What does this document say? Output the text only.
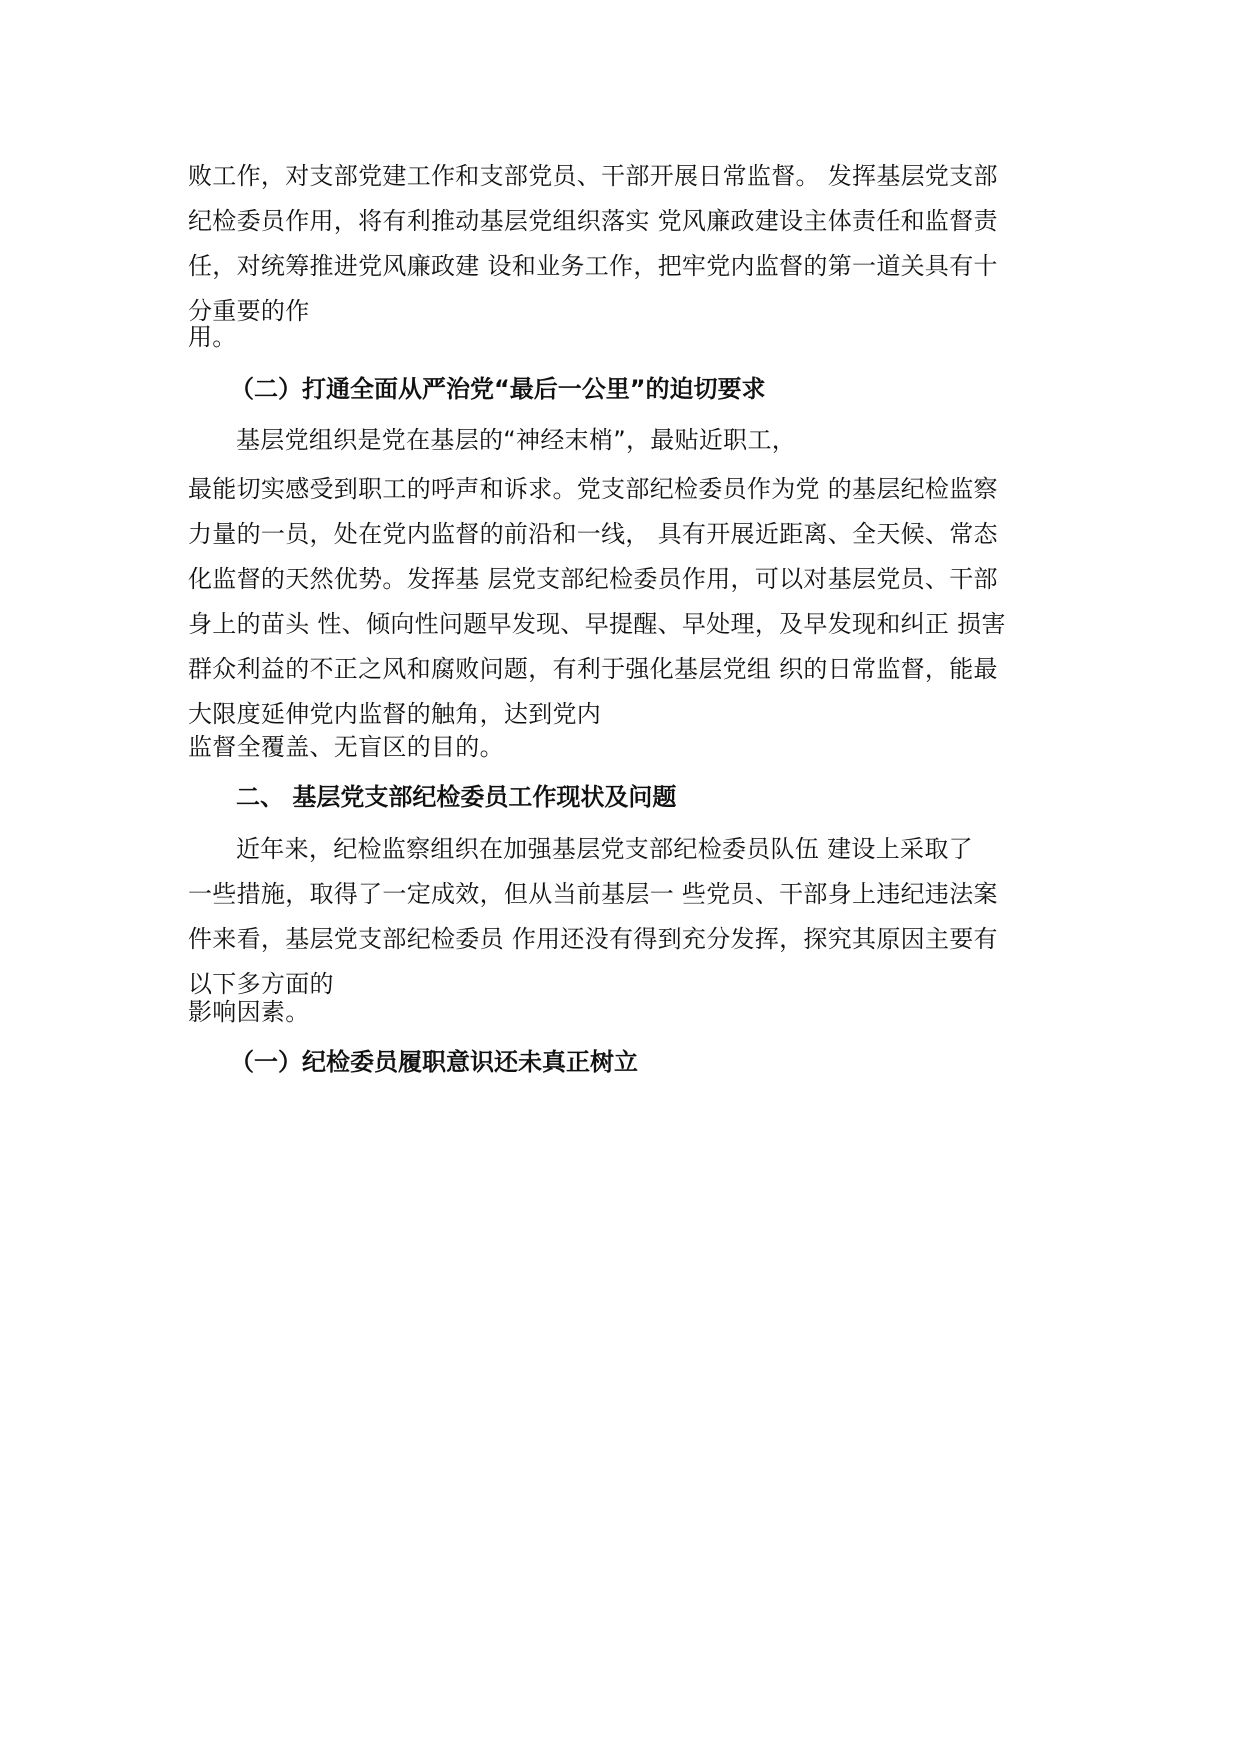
败工作，对支部党建工作和支部党员、干部开展日常监督。 发挥基层党支部
纪检委员作用，将有利推动基层党组织落实 党风廉政建设主体责任和监督责
任，对统筹推进党风廉政建 设和业务工作，把牢党内监督的第一道关具有十
分重要的作
用。
（二）打通全面从严治党“最后一公里”的迫切要求
基层党组织是党在基层的“神经末梢”，最贴近职工，
最能切实感受到职工的呼声和诉求。党支部纪检委员作为党 的基层纪检监察
力量的一员，处在党内监督的前沿和一线， 具有开展近距离、全天候、常态
化监督的天然优势。发挥基 层党支部纪检委员作用，可以对基层党员、干部
身上的苗头 性、倾向性问题早发现、早提醒、早处理，及早发现和纠正 损害
群众利益的不正之风和腐败问题，有利于强化基层党组 织的日常监督，能最
大限度延伸党内监督的触角，达到党内
监督全覆盖、无盲区的目的。
二、 基层党支部纪检委员工作现状及问题
近年来，纪检监察组织在加强基层党支部纪检委员队伍 建设上采取了
一些措施，取得了一定成效，但从当前基层一 些党员、干部身上违纪违法案
件来看，基层党支部纪检委员 作用还没有得到充分发挥，探究其原因主要有
以下多方面的
影响因素。
（一）纪检委员履职意识还未真正树立
